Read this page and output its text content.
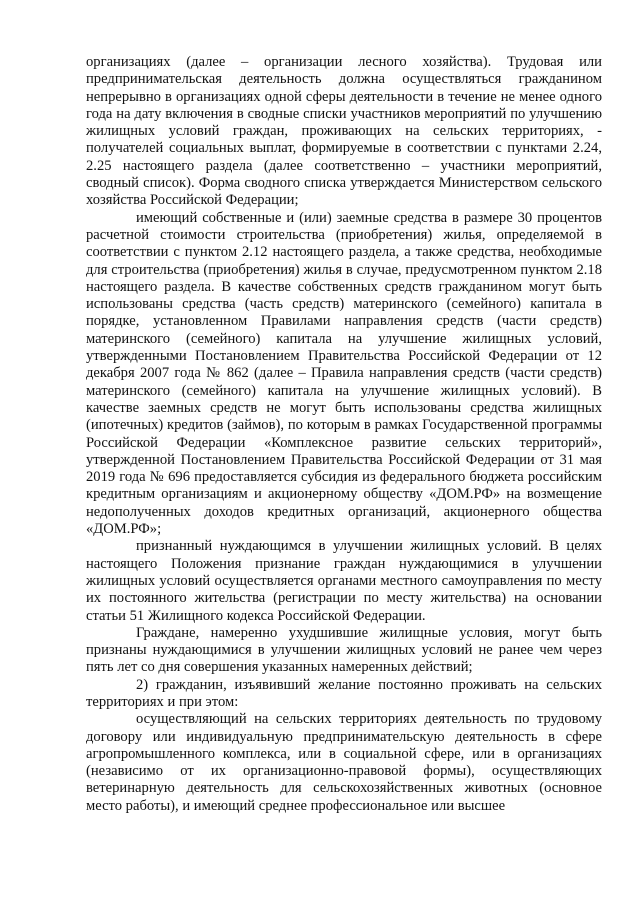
организациях (далее – организации лесного хозяйства). Трудовая или предпринимательская деятельность должна осуществляться гражданином непрерывно в организациях одной сферы деятельности в течение не менее одного года на дату включения в сводные списки участников мероприятий по улучшению жилищных условий граждан, проживающих на сельских территориях, - получателей социальных выплат, формируемые в соответствии с пунктами 2.24, 2.25 настоящего раздела (далее соответственно – участники мероприятий, сводный список). Форма сводного списка утверждается Министерством сельского хозяйства Российской Федерации;

имеющий собственные и (или) заемные средства в размере 30 процентов расчетной стоимости строительства (приобретения) жилья, определяемой в соответствии с пунктом 2.12 настоящего раздела, а также средства, необходимые для строительства (приобретения) жилья в случае, предусмотренном пунктом 2.18 настоящего раздела. В качестве собственных средств гражданином могут быть использованы средства (часть средств) материнского (семейного) капитала в порядке, установленном Правилами направления средств (части средств) материнского (семейного) капитала на улучшение жилищных условий, утвержденными Постановлением Правительства Российской Федерации от 12 декабря 2007 года № 862 (далее – Правила направления средств (части средств) материнского (семейного) капитала на улучшение жилищных условий). В качестве заемных средств не могут быть использованы средства жилищных (ипотечных) кредитов (займов), по которым в рамках Государственной программы Российской Федерации «Комплексное развитие сельских территорий», утвержденной Постановлением Правительства Российской Федерации от 31 мая 2019 года № 696 предоставляется субсидия из федерального бюджета российским кредитным организациям и акционерному обществу «ДОМ.РФ» на возмещение недополученных доходов кредитных организаций, акционерного общества «ДОМ.РФ»;

признанный нуждающимся в улучшении жилищных условий. В целях настоящего Положения признание граждан нуждающимися в улучшении жилищных условий осуществляется органами местного самоуправления по месту их постоянного жительства (регистрации по месту жительства) на основании статьи 51 Жилищного кодекса Российской Федерации.

Граждане, намеренно ухудшившие жилищные условия, могут быть признаны нуждающимися в улучшении жилищных условий не ранее чем через пять лет со дня совершения указанных намеренных действий;

2) гражданин, изъявивший желание постоянно проживать на сельских территориях и при этом:

осуществляющий на сельских территориях деятельность по трудовому договору или индивидуальную предпринимательскую деятельность в сфере агропромышленного комплекса, или в социальной сфере, или в организациях (независимо от их организационно-правовой формы), осуществляющих ветеринарную деятельность для сельскохозяйственных животных (основное место работы), и имеющий среднее профессиональное или высшее
